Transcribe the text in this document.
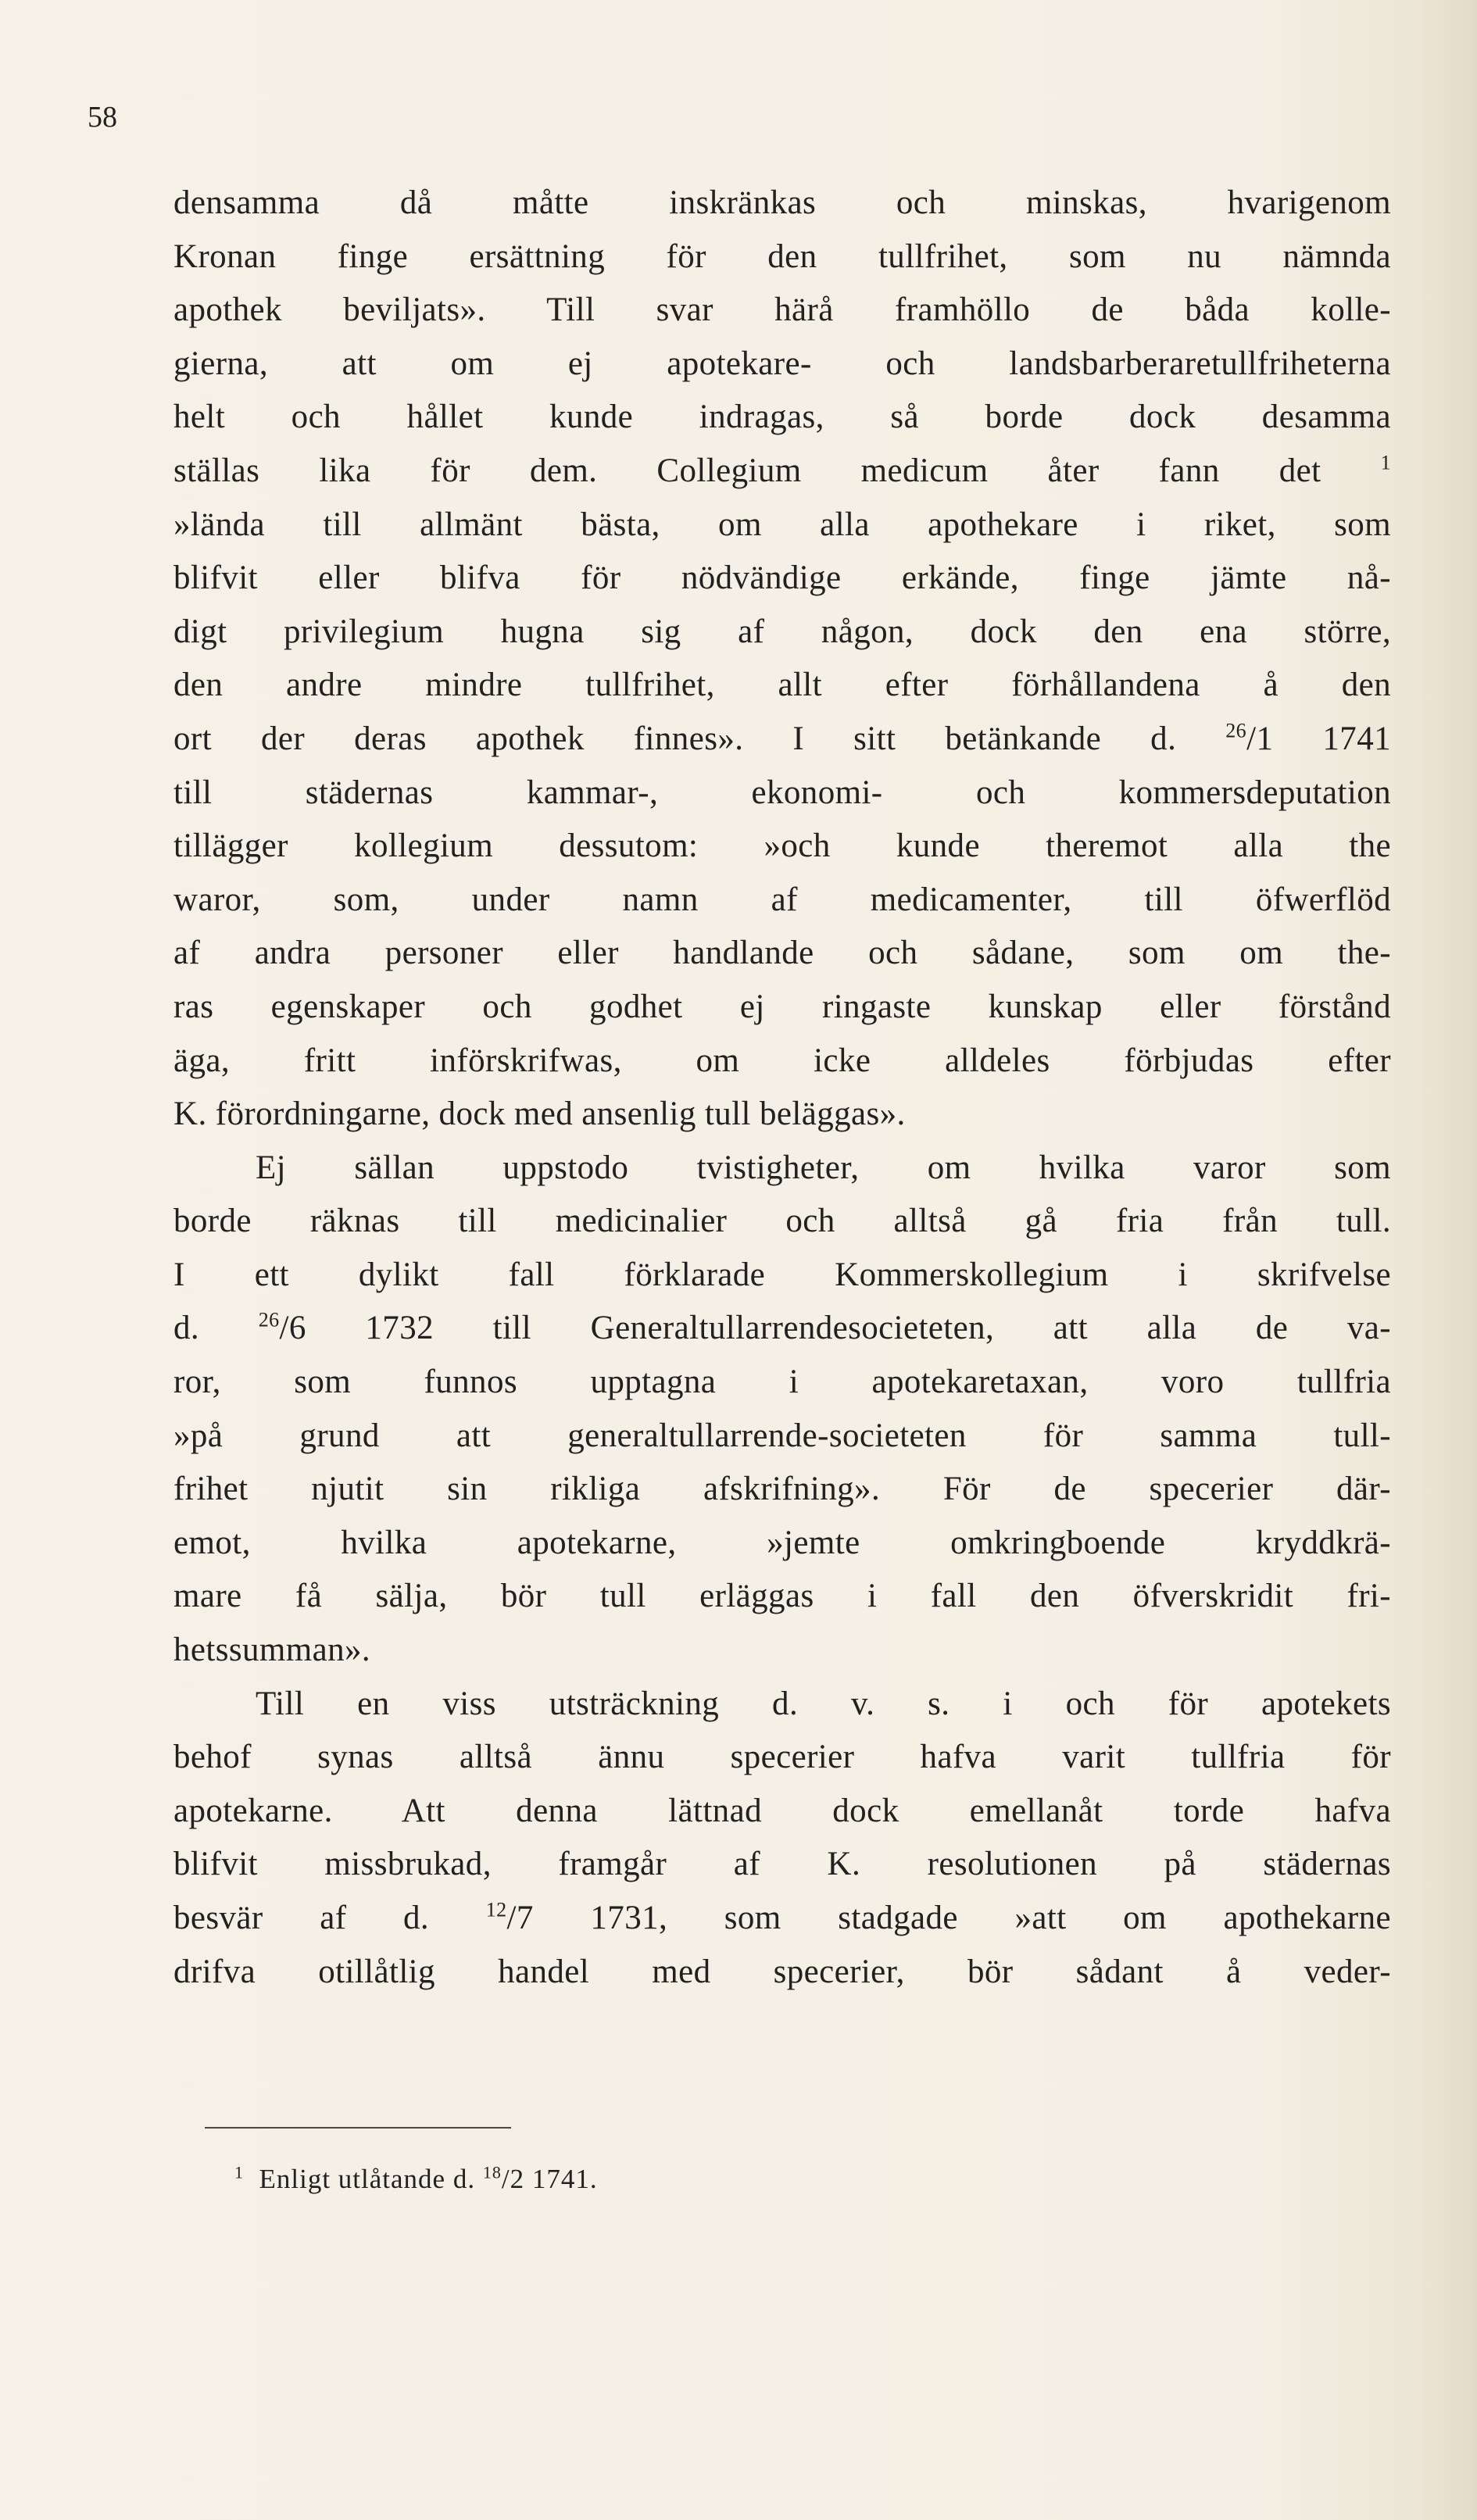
58
densamma då måtte inskränkas och minskas, hvarigenom
Kronan finge ersättning för den tullfrihet, som nu nämnda
apothek beviljats». Till svar härå framhöllo de båda kolle-
gierna, att om ej apotekare- och landsbarberaretullfriheterna
helt och hållet kunde indragas, så borde dock desamma
ställas lika för dem. Collegium medicum åter fann det	$^1$
»lända till allmänt bästa, om alla apothekare i riket, som
blifvit eller blifva för nödvändige erkände, finge jämte nå-
digt privilegium hugna sig af någon, dock den ena större,
den andre mindre tullfrihet, allt efter förhållandena å den
ort der deras apothek finnes». I sitt betänkande d. $^{26}$/1 1741
till städernas kammar-, ekonomi- och kommersdeputation
tillägger kollegium dessutom: »och kunde theremot alla the
waror, som, under namn af medicamenter, till öfwerflöd
af andra personer eller handlande och sådane, som om the-
ras egenskaper och godhet ej ringaste kunskap eller förstånd
äga, fritt införskrifwas, om icke alldeles förbjudas efter
K. förordningarne, dock med ansenlig tull beläggas».
Ej sällan uppstodo tvistigheter, om hvilka varor som
borde räknas till medicinalier och alltså gå fria från tull.
I ett dylikt fall förklarade Kommerskollegium i skrifvelse
d.	$^{26}$/6 1732 till Generaltullarrendesocieteten, att alla de va-
ror, som funnos upptagna i apotekaretaxan, voro tullfria
»på grund att generaltullarrende-societeten för samma tull-
frihet njutit sin rikliga afskrifning». För de specerier där-
emot, hvilka apotekarne, »jemte omkringboende kryddkrä-
mare få sälja, bör tull erläggas i fall den öfverskridit fri-
hetssumman».
Till en viss utsträckning d. v. s. i och för apotekets
behof synas alltså ännu specerier hafva varit tullfria för
apotekarne. Att denna lättnad dock emellanåt torde hafva
blifvit missbrukad, framgår af K. resolutionen på städernas
besvär af d.	$^{12}$/7 1731, som stadgade »att om apothekarne
drifva otillåtlig handel med specerier, bör sådant å veder-
$^1$ Enligt utlåtande d. $^{18}$/2 1741.
